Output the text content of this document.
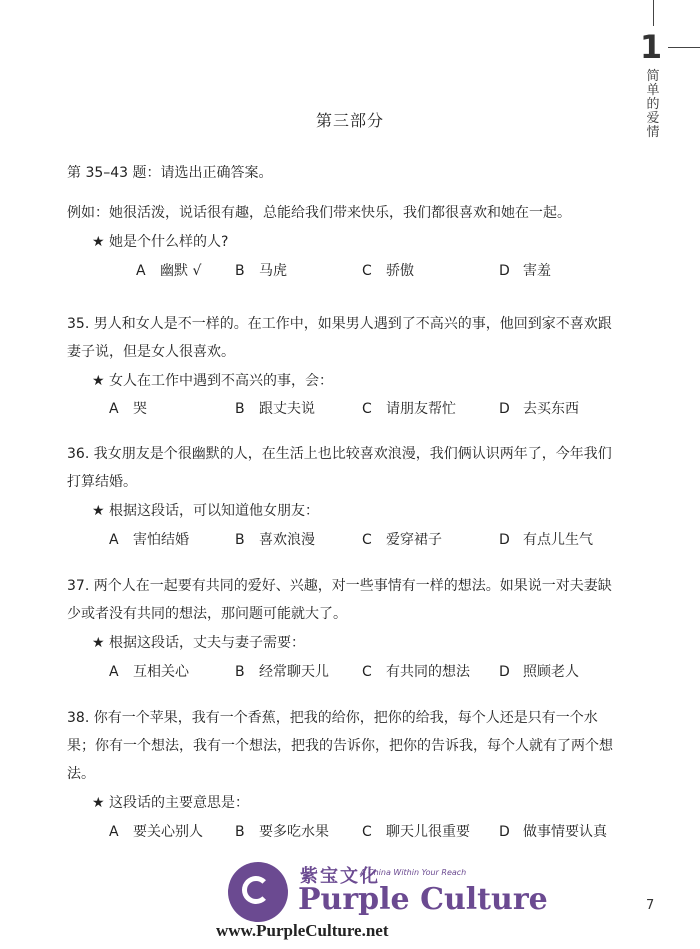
1
简单的爱情
第三部分
第 35–43 题：请选出正确答案。
例如：她很活泼，说话很有趣，总能给我们带来快乐，我们都很喜欢和她在一起。
★ 她是个什么样的人?
A 幽默 √ B 马虎	C 骄傲	D 害羞
35. 男人和女人是不一样的。在工作中，如果男人遇到了不高兴的事，他回到家不喜欢跟妻子说，但是女人很喜欢。
★ 女人在工作中遇到不高兴的事，会：
A 哭	B 跟丈夫说	C 请朋友帮忙	D 去买东西
36. 我女朋友是个很幽默的人，在生活上也比较喜欢浪漫，我们俩认识两年了，今年我们打算结婚。
★ 根据这段话，可以知道他女朋友：
A 害怕结婚	B 喜欢浪漫	C 爱穿裙子	D 有点儿生气
37. 两个人在一起要有共同的爱好、兴趣，对一些事情有一样的想法。如果说一对夫妻缺少或者没有共同的想法，那问题可能就大了。
★ 根据这段话，丈夫与妻子需要：
A 互相关心	B 经常聊天儿 C 有共同的想法 D 照顾老人
38. 你有一个苹果，我有一个香蕉，把我的给你，把你的给我，每个人还是只有一个水果；你有一个想法，我有一个想法，把我的告诉你，把你的告诉我，每个人就有了两个想法。
★ 这段话的主要意思是：
A 要关心别人 B 要多吃水果 C 聊天儿很重要 D 做事情要认真
紫宝文化
A China Within Your Reach
Purple Culture
www.PurpleCulture.net
7
